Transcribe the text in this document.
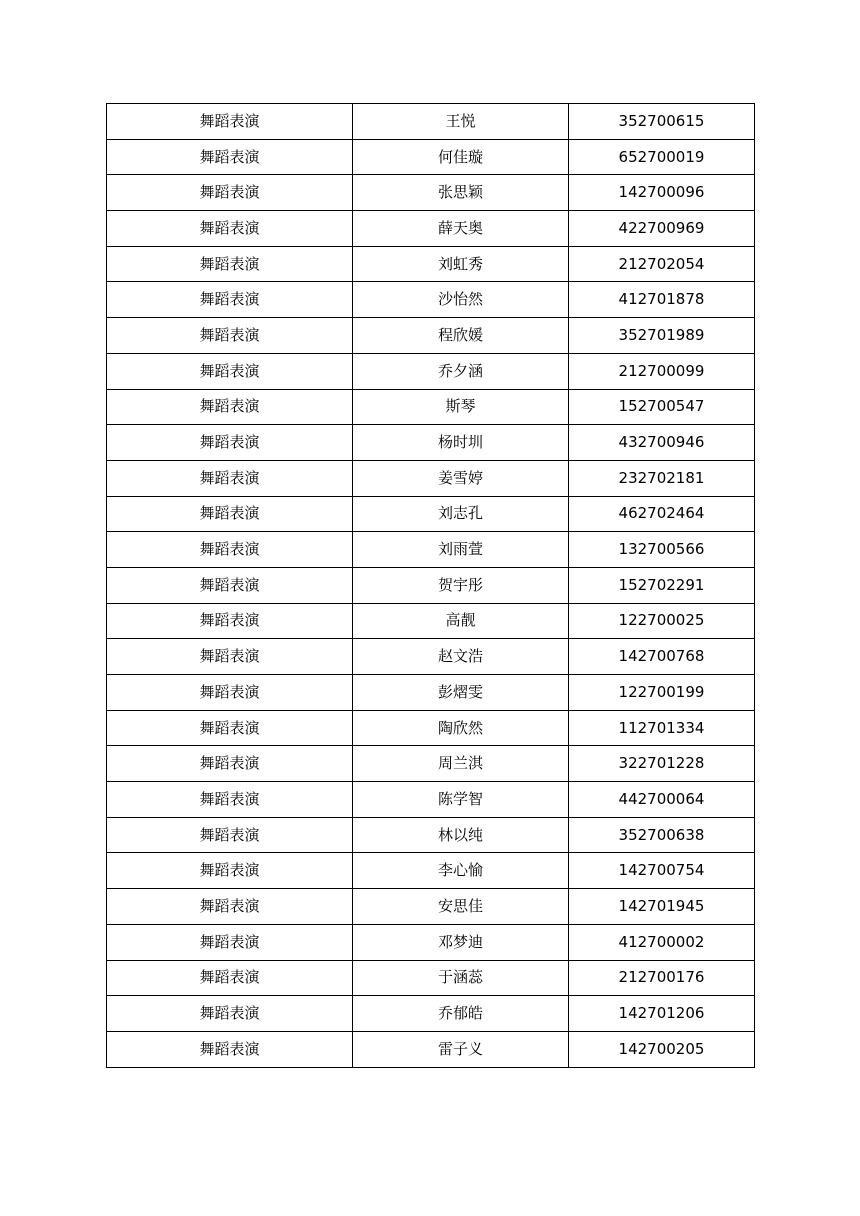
舞蹈表演	王悦	352700615
舞蹈表演	何佳璇	652700019
舞蹈表演	张思颖	142700096
舞蹈表演	薛天奥	422700969
舞蹈表演	刘虹秀	212702054
舞蹈表演	沙怡然	412701878
舞蹈表演	程欣媛	352701989
舞蹈表演	乔夕涵	212700099
舞蹈表演	斯琴	152700547
舞蹈表演	杨时圳	432700946
舞蹈表演	姜雪婷	232702181
舞蹈表演	刘志孔	462702464
舞蹈表演	刘雨萱	132700566
舞蹈表演	贺宇彤	152702291
舞蹈表演	高靓	122700025
舞蹈表演	赵文浩	142700768
舞蹈表演	彭熠雯	122700199
舞蹈表演	陶欣然	112701334
舞蹈表演	周兰淇	322701228
舞蹈表演	陈学智	442700064
舞蹈表演	林以纯	352700638
舞蹈表演	李心愉	142700754
舞蹈表演	安思佳	142701945
舞蹈表演	邓梦迪	412700002
舞蹈表演	于涵蕊	212700176
舞蹈表演	乔郁皓	142701206
舞蹈表演	雷子义	142700205
